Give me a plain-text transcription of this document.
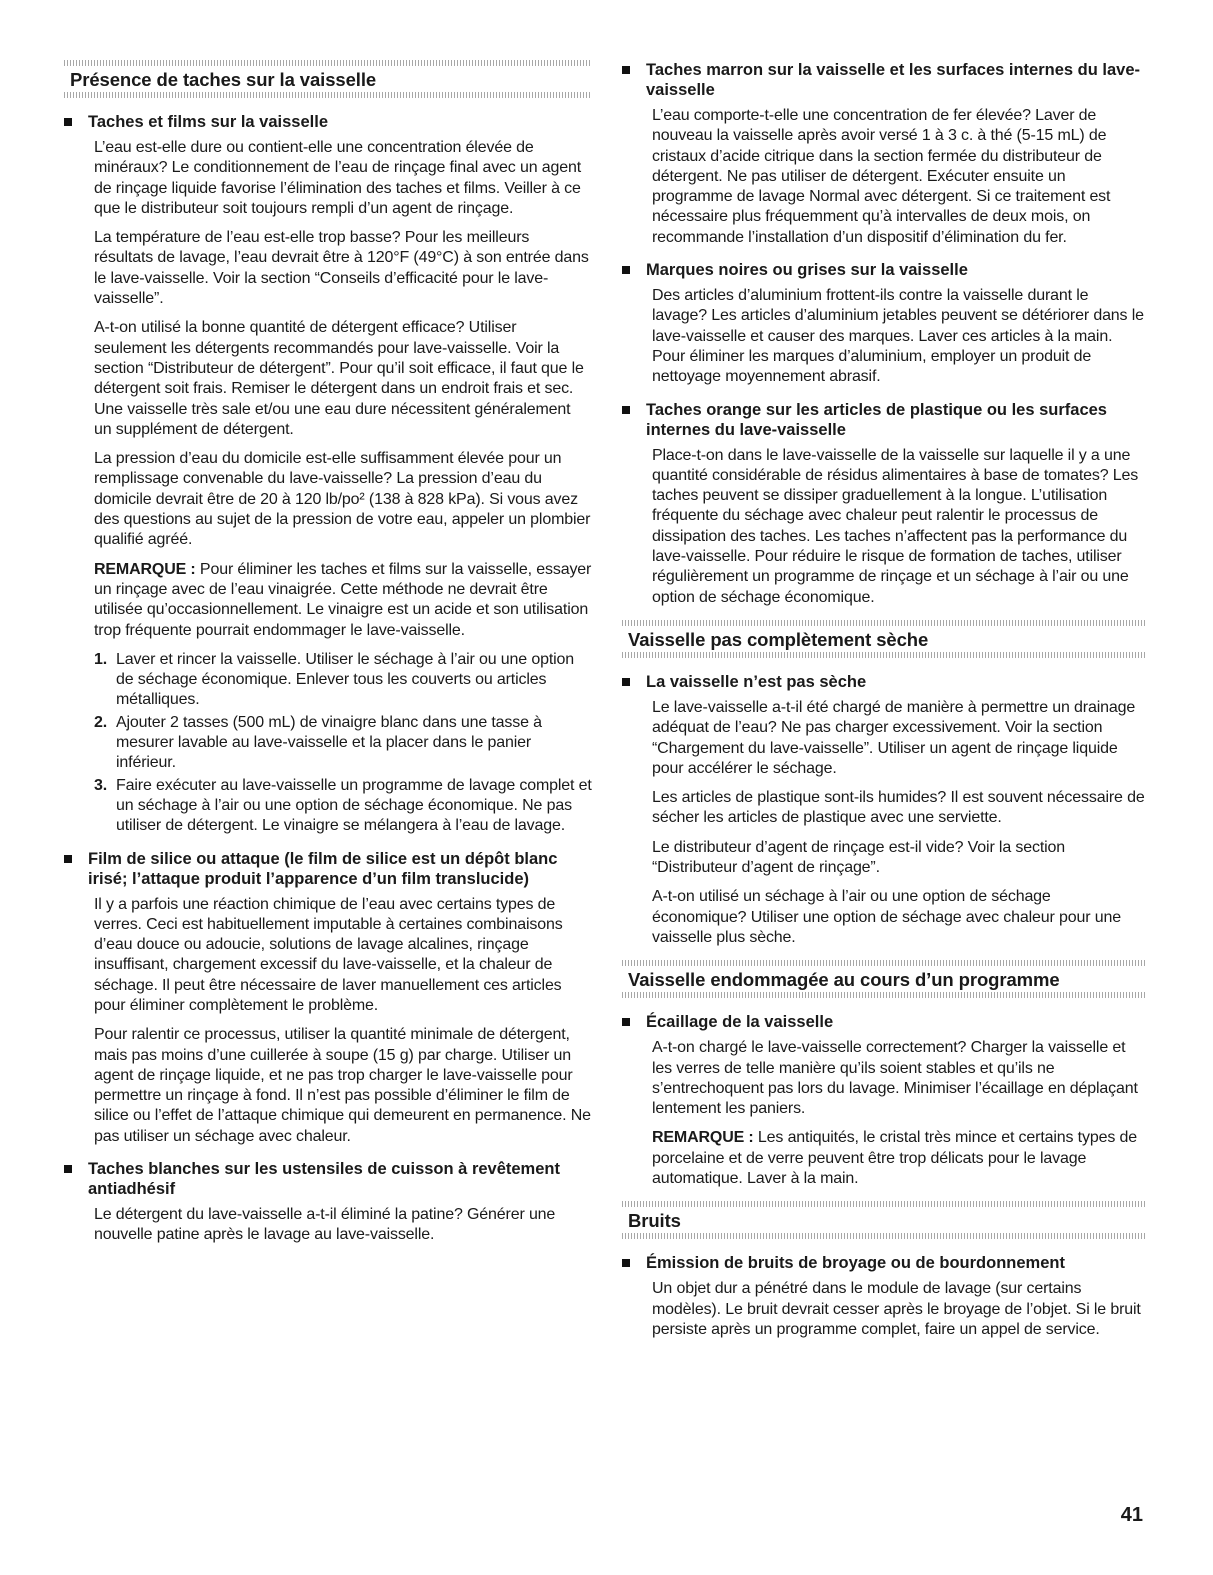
Présence de taches sur la vaisselle
Taches et films sur la vaisselle

L’eau est-elle dure ou contient-elle une concentration élevée de minéraux? Le conditionnement de l’eau de rinçage final avec un agent de rinçage liquide favorise l’élimination des taches et films. Veiller à ce que le distributeur soit toujours rempli d’un agent de rinçage.

La température de l’eau est-elle trop basse? Pour les meilleurs résultats de lavage, l’eau devrait être à 120°F (49°C) à son entrée dans le lave-vaisselle. Voir la section “Conseils d’efficacité pour le lave-vaisselle”.

A-t-on utilisé la bonne quantité de détergent efficace? Utiliser seulement les détergents recommandés pour lave-vaisselle. Voir la section “Distributeur de détergent”. Pour qu’il soit efficace, il faut que le détergent soit frais. Remiser le détergent dans un endroit frais et sec. Une vaisselle très sale et/ou une eau dure nécessitent généralement un supplément de détergent.

La pression d’eau du domicile est-elle suffisamment élevée pour un remplissage convenable du lave-vaisselle? La pression d’eau du domicile devrait être de 20 à 120 lb/po² (138 à 828 kPa). Si vous avez des questions au sujet de la pression de votre eau, appeler un plombier qualifié agréé.

REMARQUE : Pour éliminer les taches et films sur la vaisselle, essayer un rinçage avec de l’eau vinaigrée. Cette méthode ne devrait être utilisée qu’occasionnellement. Le vinaigre est un acide et son utilisation trop fréquente pourrait endommager le lave-vaisselle.

1. Laver et rincer la vaisselle. Utiliser le séchage à l’air ou une option de séchage économique. Enlever tous les couverts ou articles métalliques.
2. Ajouter 2 tasses (500 mL) de vinaigre blanc dans une tasse à mesurer lavable au lave-vaisselle et la placer dans le panier inférieur.
3. Faire exécuter au lave-vaisselle un programme de lavage complet et un séchage à l’air ou une option de séchage économique. Ne pas utiliser de détergent. Le vinaigre se mélangera à l’eau de lavage.
Film de silice ou attaque (le film de silice est un dépôt blanc irisé; l’attaque produit l’apparence d’un film translucide)

Il y a parfois une réaction chimique de l’eau avec certains types de verres. Ceci est habituellement imputable à certaines combinaisons d’eau douce ou adoucie, solutions de lavage alcalines, rinçage insuffisant, chargement excessif du lave-vaisselle, et la chaleur de séchage. Il peut être nécessaire de laver manuellement ces articles pour éliminer complètement le problème.

Pour ralentir ce processus, utiliser la quantité minimale de détergent, mais pas moins d’une cuillerée à soupe (15 g) par charge. Utiliser un agent de rinçage liquide, et ne pas trop charger le lave-vaisselle pour permettre un rinçage à fond. Il n’est pas possible d’éliminer le film de silice ou l’effet de l’attaque chimique qui demeurent en permanence. Ne pas utiliser un séchage avec chaleur.

Taches blanches sur les ustensiles de cuisson à revêtement antiadhésif

Le détergent du lave-vaisselle a-t-il éliminé la patine? Générer une nouvelle patine après le lavage au lave-vaisselle.

Taches marron sur la vaisselle et les surfaces internes du lave-vaisselle

L’eau comporte-t-elle une concentration de fer élevée? Laver de nouveau la vaisselle après avoir versé 1 à 3 c. à thé (5-15 mL) de cristaux d’acide citrique dans la section fermée du distributeur de détergent. Ne pas utiliser de détergent. Exécuter ensuite un programme de lavage Normal avec détergent. Si ce traitement est nécessaire plus fréquemment qu’à intervalles de deux mois, on recommande l’installation d’un dispositif d’élimination du fer.

Marques noires ou grises sur la vaisselle

Des articles d’aluminium frottent-ils contre la vaisselle durant le lavage? Les articles d’aluminium jetables peuvent se détériorer dans le lave-vaisselle et causer des marques. Laver ces articles à la main. Pour éliminer les marques d’aluminium, employer un produit de nettoyage moyennement abrasif.

Taches orange sur les articles de plastique ou les surfaces internes du lave-vaisselle

Place-t-on dans le lave-vaisselle de la vaisselle sur laquelle il y a une quantité considérable de résidus alimentaires à base de tomates? Les taches peuvent se dissiper graduellement à la longue. L’utilisation fréquente du séchage avec chaleur peut ralentir le processus de dissipation des taches. Les taches n’affectent pas la performance du lave-vaisselle. Pour réduire le risque de formation de taches, utiliser régulièrement un programme de rinçage et un séchage à l’air ou une option de séchage économique.

Vaisselle pas complètement sèche
La vaisselle n’est pas sèche

Le lave-vaisselle a-t-il été chargé de manière à permettre un drainage adéquat de l’eau? Ne pas charger excessivement. Voir la section “Chargement du lave-vaisselle”. Utiliser un agent de rinçage liquide pour accélérer le séchage.

Les articles de plastique sont-ils humides? Il est souvent nécessaire de sécher les articles de plastique avec une serviette.

Le distributeur d’agent de rinçage est-il vide? Voir la section “Distributeur d’agent de rinçage”.

A-t-on utilisé un séchage à l’air ou une option de séchage économique? Utiliser une option de séchage avec chaleur pour une vaisselle plus sèche.

Vaisselle endommagée au cours d’un programme
Écaillage de la vaisselle

A-t-on chargé le lave-vaisselle correctement? Charger la vaisselle et les verres de telle manière qu’ils soient stables et qu’ils ne s’entrechoquent pas lors du lavage. Minimiser l’écaillage en déplaçant lentement les paniers.

REMARQUE : Les antiquités, le cristal très mince et certains types de porcelaine et de verre peuvent être trop délicats pour le lavage automatique. Laver à la main.

Bruits
Émission de bruits de broyage ou de bourdonnement

Un objet dur a pénétré dans le module de lavage (sur certains modèles). Le bruit devrait cesser après le broyage de l’objet. Si le bruit persiste après un programme complet, faire un appel de service.

41
